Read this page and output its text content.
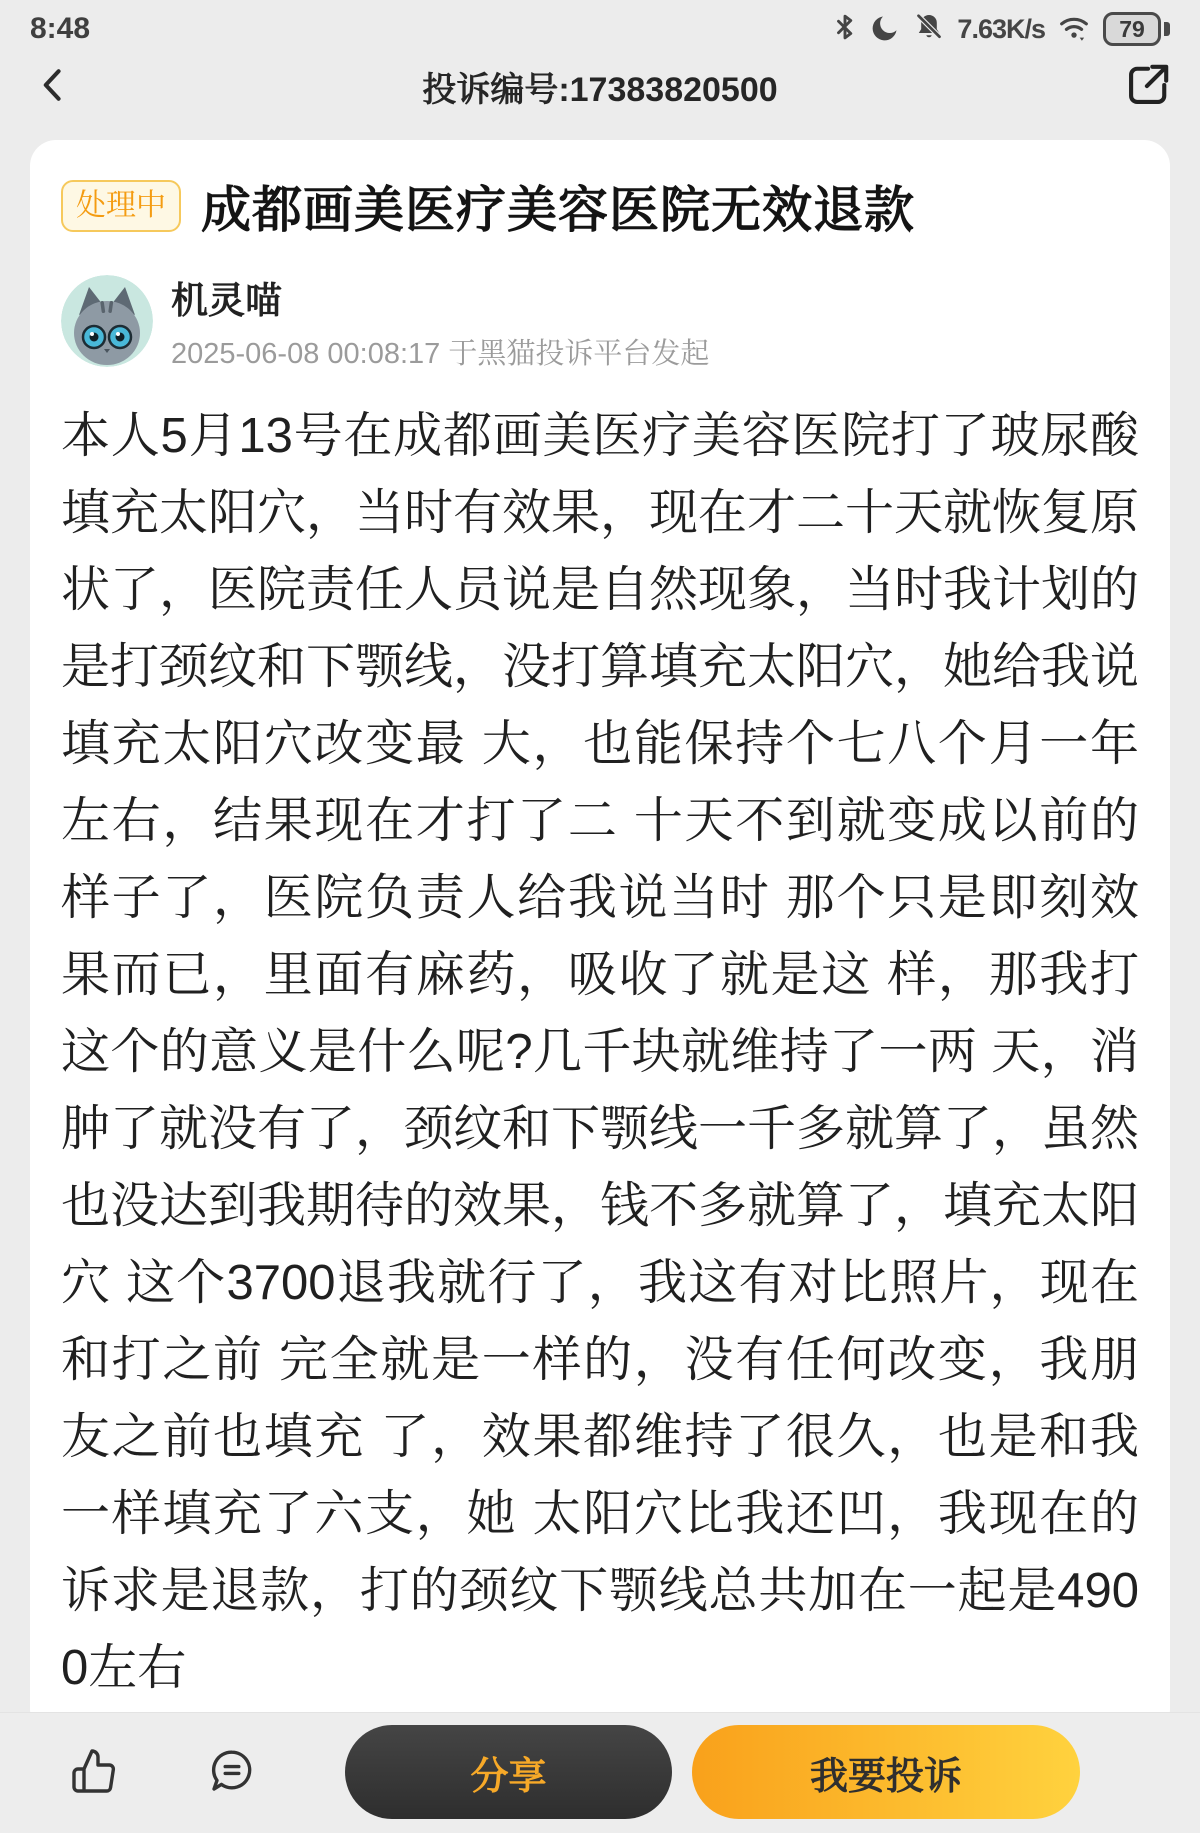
8:48	7.63K/s	79
投诉编号:17383820500
处理中 成都画美医疗美容医院无效退款
机灵喵
2025-06-08 00:08:17 于黑猫投诉平台发起

本人5月13号在成都画美医疗美容医院打了玻尿酸填充太阳穴，当时有效果，现在才二十天就恢复原状了，医院责任人员说是自然现象，当时我计划的是打颈纹和下颚线，没打算填充太阳穴，她给我说填充太阳穴改变最 大，也能保持个七八个月一年左右，结果现在才打了二 十天不到就变成以前的样子了，医院负责人给我说当时 那个只是即刻效果而已，里面有麻药，吸收了就是这 样，那我打这个的意义是什么呢?几千块就维持了一两 天，消肿了就没有了，颈纹和下颚线一千多就算了，虽然也没达到我期待的效果，钱不多就算了，填充太阳穴 这个3700退我就行了，我这有对比照片，现在和打之前 完全就是一样的，没有任何改变，我朋友之前也填充 了，效果都维持了很久，也是和我一样填充了六支，她 太阳穴比我还凹，我现在的诉求是退款，打的颈纹下颚线总共加在一起是4900左右

分享	我要投诉
